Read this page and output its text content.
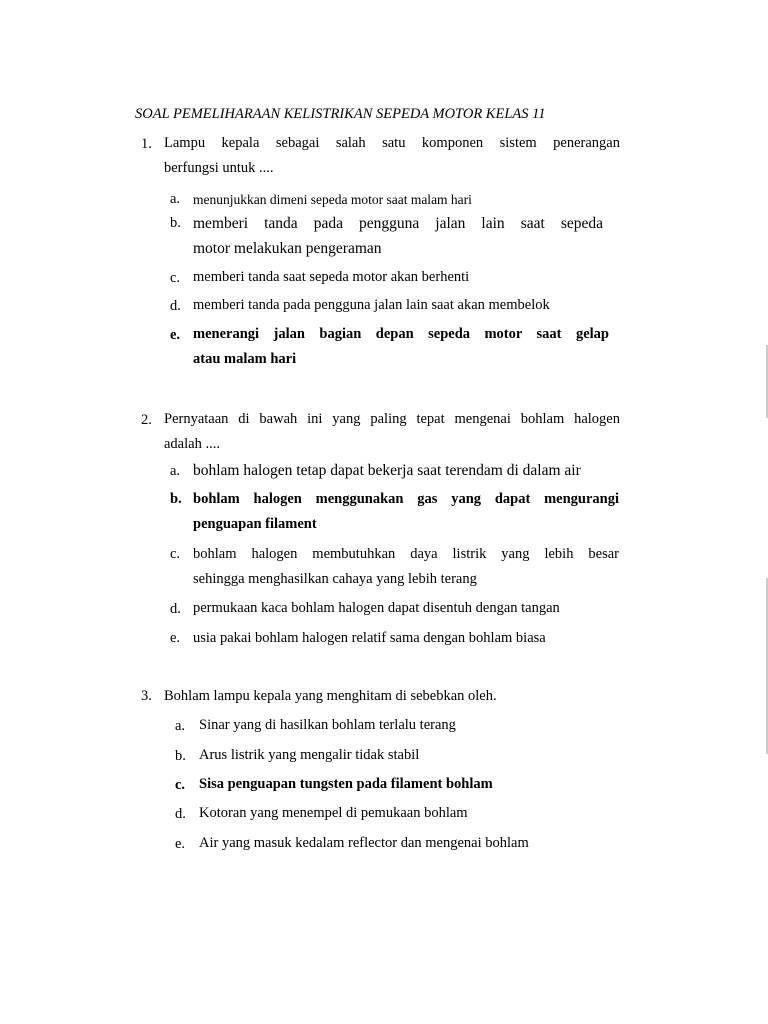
SOAL PEMELIHARAAN KELISTRIKAN SEPEDA MOTOR KELAS 11
1. Lampu kepala sebagai salah satu komponen sistem penerangan
berfungsi untuk ....
a. menunjukkan dimeni sepeda motor saat malam hari
b. memberi tanda pada pengguna jalan lain saat sepeda
motor melakukan pengeraman
c. memberi tanda saat sepeda motor akan berhenti
d. memberi tanda pada pengguna jalan lain saat akan membelok
e. menerangi jalan bagian depan sepeda motor saat gelap
atau malam hari
2. Pernyataan di bawah ini yang paling tepat mengenai bohlam halogen
adalah ....
a. bohlam halogen tetap dapat bekerja saat terendam di dalam air
b. bohlam halogen menggunakan gas yang dapat mengurangi
penguapan filament
c. bohlam halogen membutuhkan daya listrik yang lebih besar
sehingga menghasilkan cahaya yang lebih terang
d. permukaan kaca bohlam halogen dapat disentuh dengan tangan
e. usia pakai bohlam halogen relatif sama dengan bohlam biasa
3. Bohlam lampu kepala yang menghitam di sebebkan oleh.
a. Sinar yang di hasilkan bohlam terlalu terang
b. Arus listrik yang mengalir tidak stabil
c. Sisa penguapan tungsten pada filament bohlam
d. Kotoran yang menempel di pemukaan bohlam
e. Air yang masuk kedalam reflector dan mengenai bohlam
